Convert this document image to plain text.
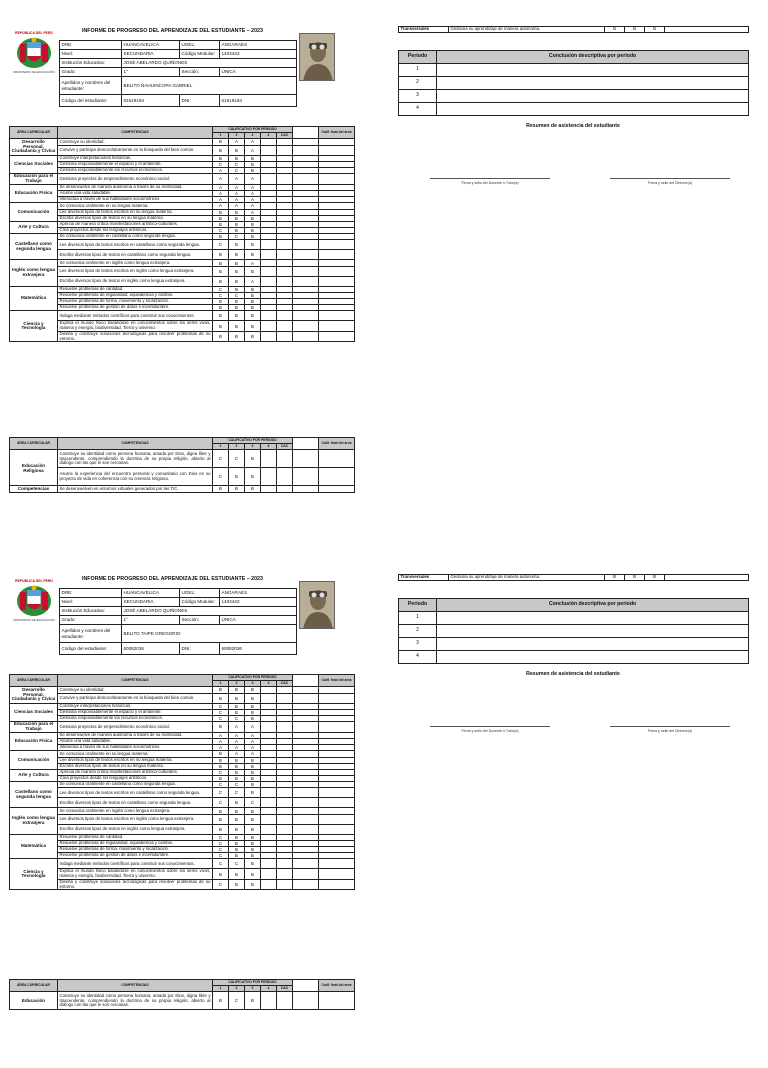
INFORME DE PROGRESO DEL APRENDIZAJE DEL ESTUDIANTE – 2023
REPÚBLICA DEL PERÚ
MINISTERIO DE EDUCACIÓN
DRE:	HUANCAVELICA	UGEL:	ANGARAES
Nivel:	SECUNDARIA	Código Modular:	1403443
Institución Educativa:	JOSÉ ABELARDO QUIÑONES		
Grado:	1°	Sección:	ÚNICA
Apellidos y nombres del estudiante:	BELITO ÑAHUINCOPA GABRIEL		
Código del estudiante:	61619194	DNI:	61619194
ÁREA CURRICULAR	COMPETENCIAS	CALIFICATIVO POR PERIODO						Calif. final del área
		1	2	3	4	CAC		
Desarrollo Personal, Ciudadanía y Cívica	Construye su identidad.	B	A	A				
	Convive y participa democráticamente en la búsqueda del bien común.	B	B	A				
Ciencias Sociales	Construye interpretaciones históricas.	B	B	B				
	Gestiona responsablemente el espacio y el ambiente.	C	C	B				
	Gestiona responsablemente los recursos económicos.	A	C	B				
Educación para el Trabajo	Gestiona proyectos de emprendimiento económico social.	A	A	A				
Educación Física	Se desenvuelve de manera autónoma a través de su motricidad.	A	A	A				
	Asume una vida saludable.	A	A	A				
	Interactúa a través de sus habilidades sociomotrices.	A	A	A				
Comunicación	Se comunica oralmente en su lengua materna.	A	A	A				
	Lee diversos tipos de textos escritos en su lengua materna.	B	B	A				
	Escribe diversos tipos de textos en su lengua materna.	B	B	B				
Arte y Cultura	Aprecia de manera crítica manifestaciones artístico-culturales.	B	B	B				
	Crea proyectos desde los lenguajes artísticos.	C	B	B				
Castellano como segunda lengua	Se comunica oralmente en castellano como segunda lengua.	B	C	B				
	Lee diversos tipos de textos escritos en castellano como segunda lengua.	C	B	B				
	Escribe diversos tipos de textos en castellano como segunda lengua.	B	B	B				
Inglés como lengua extranjera	Se comunica oralmente en inglés como lengua extranjera.	B	B	A				
	Lee diversos tipos de textos escritos en inglés como lengua extranjera.	B	B	B				
	Escribe diversos tipos de textos en inglés como lengua extranjera.	B	B	A				
Matemática	Resuelve problemas de cantidad.	C	B	B				
	Resuelve problemas de regularidad, equivalencia y cambio.	C	C	B				
	Resuelve problemas de forma, movimiento y localización.	B	B	B				
	Resuelve problemas de gestión de datos e incertidumbre.	B	B	B				
Ciencia y Tecnología	Indaga mediante métodos científicos para construir sus conocimientos.	B	B	B				
	Explica el mundo físico basándose en conocimientos sobre los seres vivos, materia y energía, biodiversidad, Tierra y universo.	B	B	B				
	Diseña y construye soluciones tecnológicas para resolver problemas de su entorno.	B	B	B				
ÁREA CURRICULAR	COMPETENCIAS	CALIFICATIVO POR PERIODO						Calif. final del área
		1	2	3	4	CAC		
Educación Religiosa	Construye su identidad como persona humana, amada por Dios, digna libre y trascendente, comprendiendo la doctrina de su propia religión, abierto al diálogo con las que le son cercanas.	C	C	B				
	Asume la experiencia del encuentro personal y comunitario con Dios en su proyecto de vida en coherencia con su creencia religiosa.	C	B	B				
Competencias	Se desenvuelven en entornos virtuales generados por las TIC.	B	B	B				
Transversales	Gestiona su aprendizaje de manera autónoma.	B	B	B	
Periodo	Conclusión descriptiva por periodo
1	
2	
3	
4	
Resumen de asistencia del estudiante
Firma y sello del Docente o Tutor(a)	Firma y sello del Director(a)
INFORME DE PROGRESO DEL APRENDIZAJE DEL ESTUDIANTE – 2023
REPÚBLICA DEL PERÚ
MINISTERIO DE EDUCACIÓN
DRE:	HUANCAVELICA	UGEL:	ANGARAES
Nivel:	SECUNDARIA	Código Modular:	1403443
Institución Educativa:	JOSÉ ABELARDO QUIÑONES		
Grado:	1°	Sección:	ÚNICA
Apellidos y nombres del estudiante:	BELITO TAIPE GREGORIO		
Código del estudiante:	60082036	DNI:	60082036
ÁREA CURRICULAR	COMPETENCIAS	CALIFICATIVO POR PERIODO						Calif. final del área
		1	2	3	4	CAC		
Desarrollo Personal, Ciudadanía y Cívica	Construye su identidad.	B	B	B				
	Convive y participa democráticamente en la búsqueda del bien común.	B	B	B				
Ciencias Sociales	Construye interpretaciones históricas.	C	B	B				
	Gestiona responsablemente el espacio y el ambiente.	C	B	B				
	Gestiona responsablemente los recursos económicos.	C	C	B				
Educación para el Trabajo	Gestiona proyectos de emprendimiento económico social.	B	A	A				
Educación Física	Se desenvuelve de manera autónoma a través de su motricidad.	A	A	A				
	Asume una vida saludable.	A	A	A				
	Interactúa a través de sus habilidades sociomotrices.	A	A	A				
Comunicación	Se comunica oralmente en su lengua materna.	B	A	A				
	Lee diversos tipos de textos escritos en su lengua materna.	B	B	B				
	Escribe diversos tipos de textos en su lengua materna.	B	B	B				
Arte y Cultura	Aprecia de manera crítica manifestaciones artístico-culturales.	C	B	B				
	Crea proyectos desde los lenguajes artísticos.	B	B	B				
Castellano como segunda lengua	Se comunica oralmente en castellano como segunda lengua.	C	C	B				
	Lee diversos tipos de textos escritos en castellano como segunda lengua.	C	C	B				
	Escribe diversos tipos de textos en castellano como segunda lengua.	C	B	C				
Inglés como lengua extranjera	Se comunica oralmente en inglés como lengua extranjera.	B	B	B				
	Lee diversos tipos de textos escritos en inglés como lengua extranjera.	B	B	B				
	Escribe diversos tipos de textos en inglés como lengua extranjera.	B	B	B				
Matemática	Resuelve problemas de cantidad.	C	B	B				
	Resuelve problemas de regularidad, equivalencia y cambio.	C	B	B				
	Resuelve problemas de forma, movimiento y localización.	C	B	B				
	Resuelve problemas de gestión de datos e incertidumbre.	C	B	B				
Ciencia y Tecnología	Indaga mediante métodos científicos para construir sus conocimientos.	C	C	B				
	Explica el mundo físico basándose en conocimientos sobre los seres vivos, materia y energía, biodiversidad, Tierra y universo.	B	B	B				
	Diseña y construye soluciones tecnológicas para resolver problemas de su entorno.	C	B	B				
ÁREA CURRICULAR	COMPETENCIAS	CALIFICATIVO POR PERIODO						Calif. final del área
		1	2	3	4	CAC		
Educación	Construye su identidad como persona humana, amada por Dios, digna libre y trascendente, comprendiendo la doctrina de su propia religión, abierto al diálogo con las que le son cercanas.	B	C	B				
Transversales	Gestiona su aprendizaje de manera autónoma.	B	B	B	
Periodo	Conclusión descriptiva por periodo
1	
2	
3	
4	
Resumen de asistencia del estudiante
Firma y sello del Docente o Tutor(a)	Firma y sello del Director(a)
